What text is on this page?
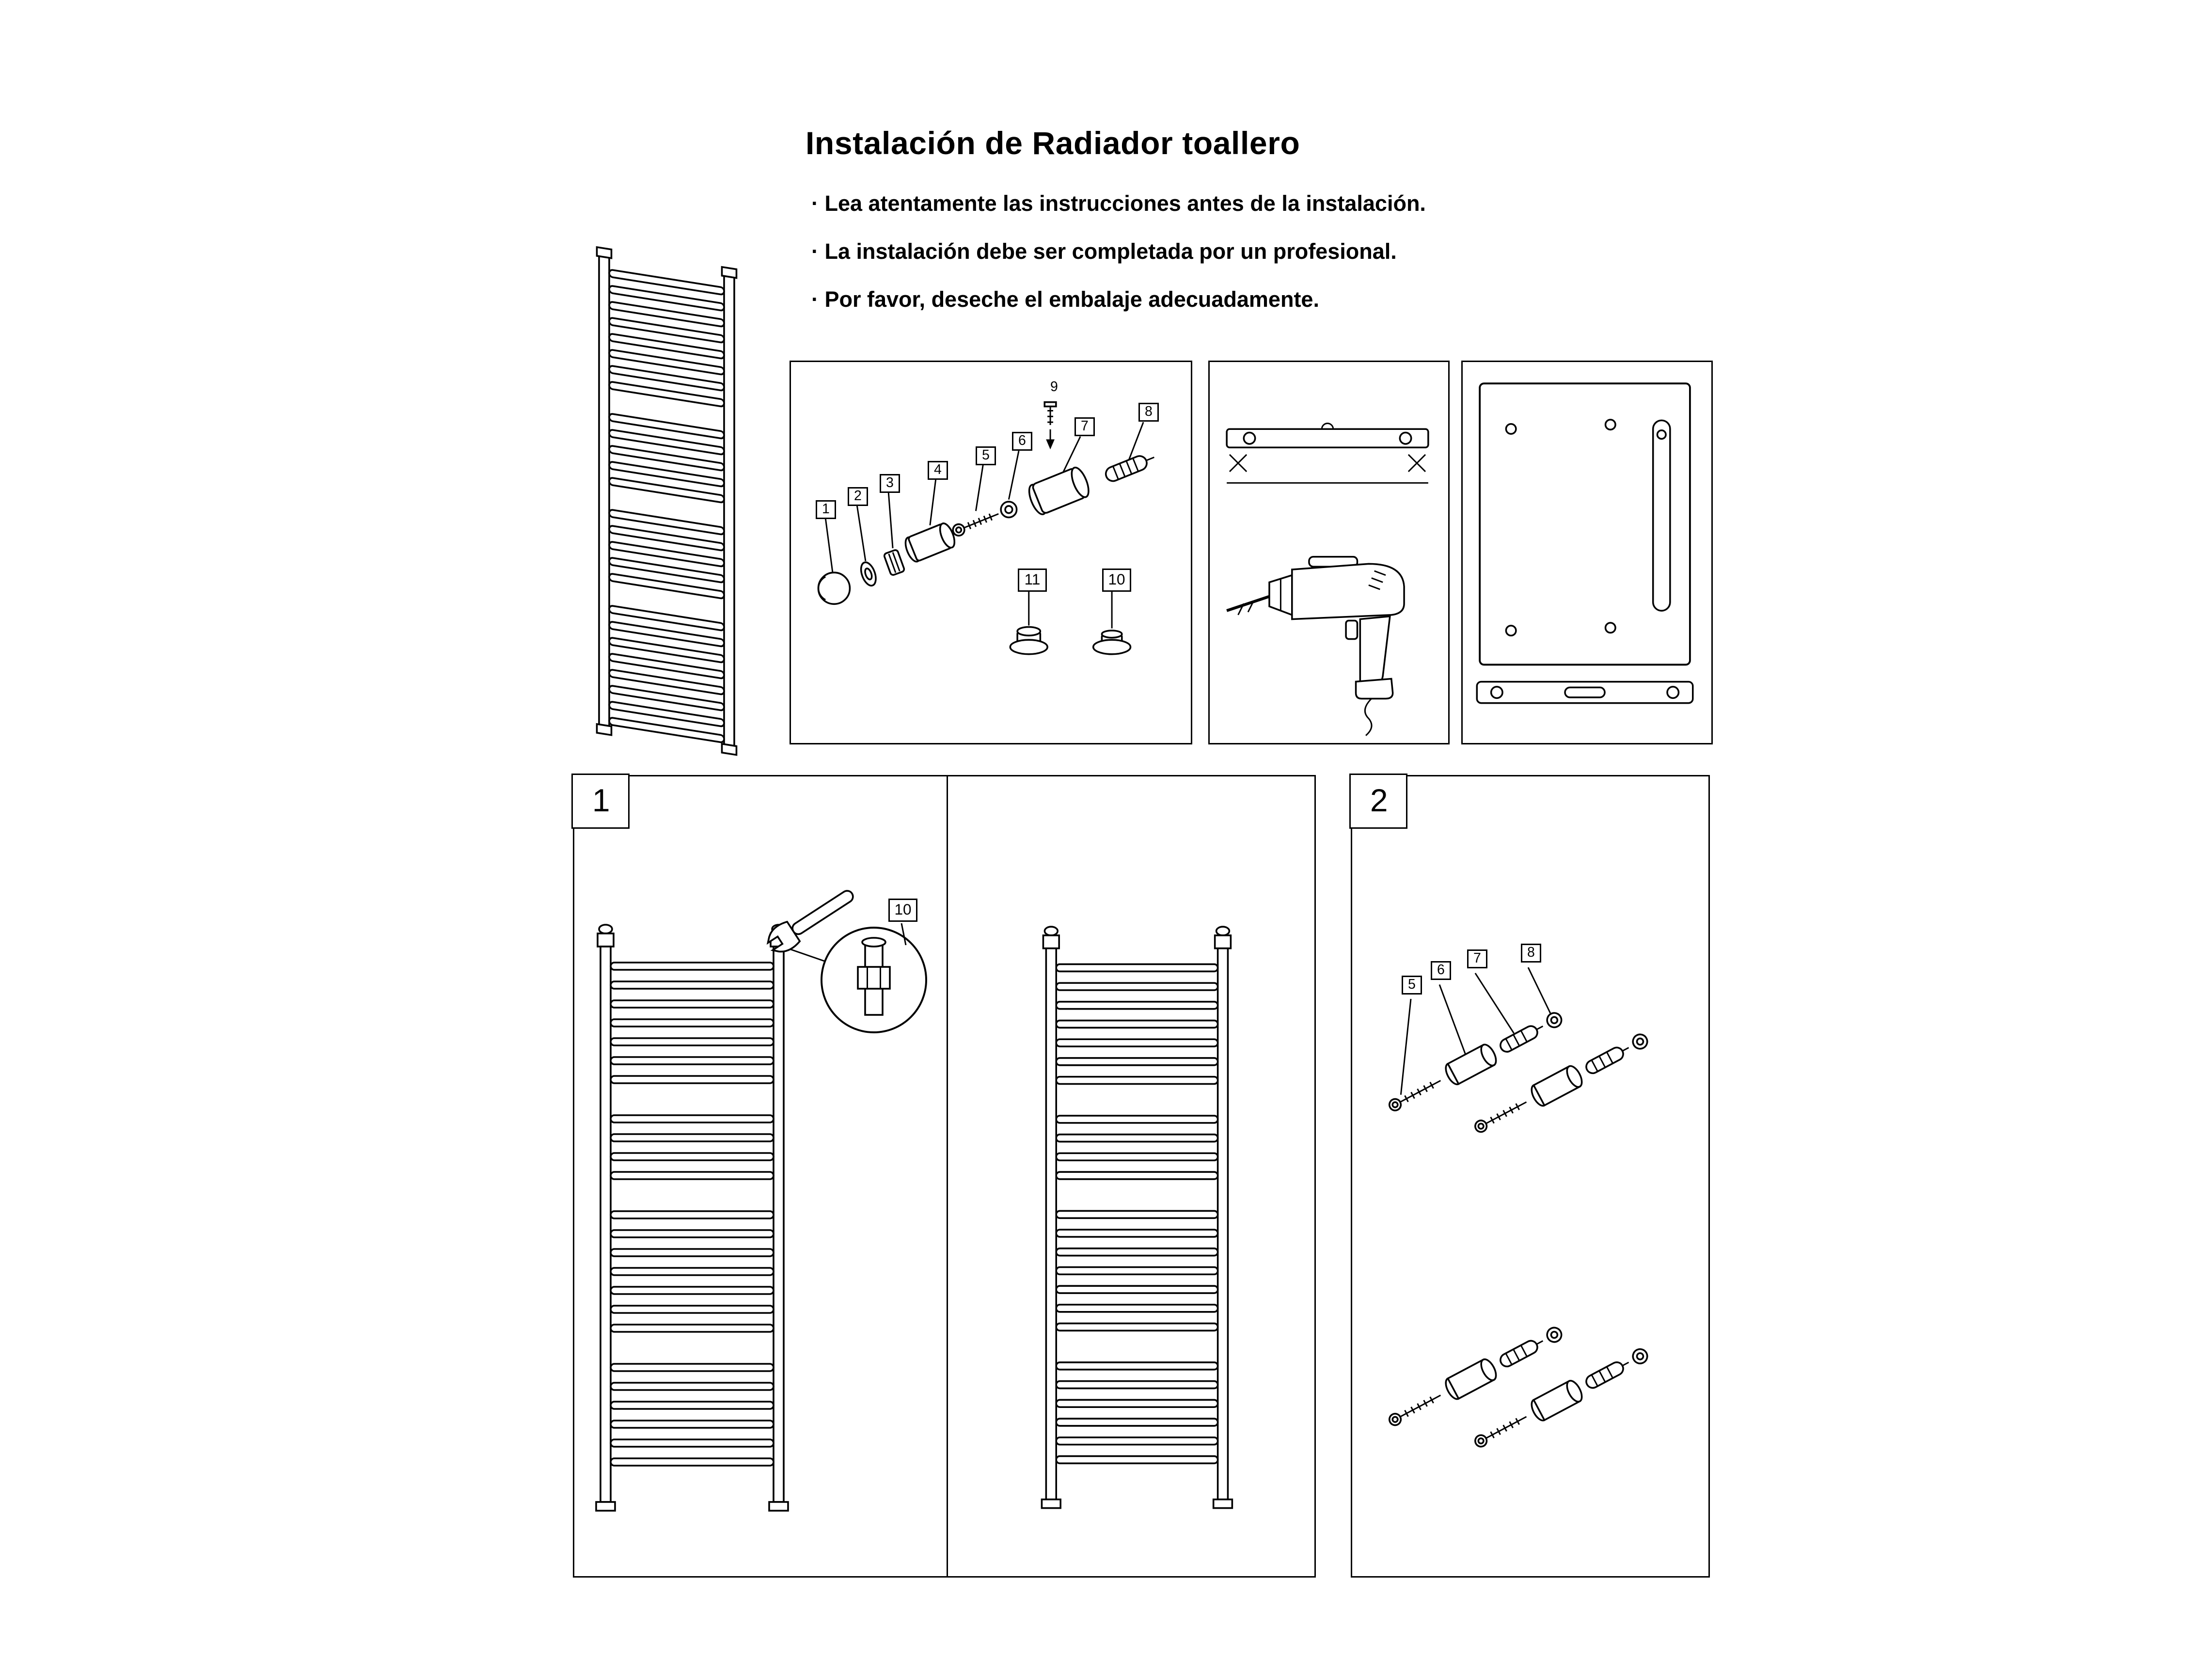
Instalación de Radiador toallero
· Lea atentamente las instrucciones antes de la instalación.
· La instalación debe ser completada por un profesional.
· Por favor, deseche el embalaje adecuadamente.
1
2
3
4
5
6
7
8
9
11	10
1
10
2
5
6
7	8
